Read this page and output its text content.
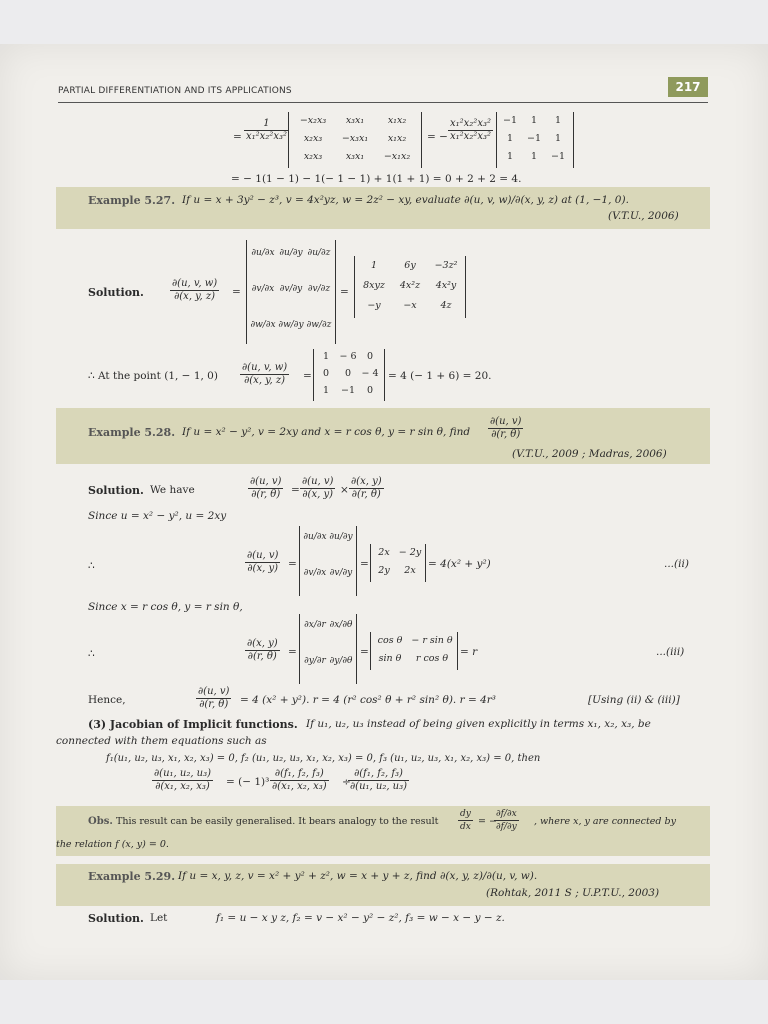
PARTIAL DIFFERENTIATION AND ITS APPLICATIONS	217
= $\frac{1}{\text{x₁²x₂²x₃²}}$	−x₂x₃	x₃x₁	x₁x₂
x₂x₃	−x₃x₁	x₁x₂
x₂x₃	x₃x₁	−x₁x₂
= − $\frac{\text{x₁²x₂²x₃²}}{\text{x₁²x₂²x₃²}}$	−1	1	1
1	−1	1
1	1	−1
= − 1(1 − 1) − 1(− 1 − 1) + 1(1 + 1) = 0 + 2 + 2 = 4.
Example 5.27. If u = x + 3y² − z³, v = 4x²yz, w = 2z² − xy, evaluate ∂(u, v, w)/∂(x, y, z) at (1, −1, 0).
(V.T.U., 2006)
Solution.	$\frac{\partial(u, v, w)}{\partial(x, y, z)}$ =
∂u/∂x ∂u/∂y ∂u/∂z
∂v/∂x ∂v/∂y ∂v/∂z
∂w/∂x ∂w/∂y ∂w/∂z
=
1	6y	−3z²
8xyz	4x²z	4x²y
−y	−x	4z
∴ At the point (1, − 1, $0) \frac{\partial(u, v, w)}{\partial(x, y, z)}$ =
1	− 6	0
0	0	− 4
1	−1	0
= 4 (− 1 + 6) = 20.
Example 5.28. If u = x² − y², v = 2xy and x = r cos θ, y = r sin θ, find $\frac{\partial(u, v)}{\partial(r, \theta)}$
(V.T.U., 2009 ; Madras, 2006)
Solution. We have	$\frac{\partial(u, v)}{\partial(r, \theta)} = \frac{\partial(u, v)}{\partial(x, y)} \times \frac{\partial(x, y)}{\partial(r, \theta)}$
Since u = x² − y², u = 2xy
∴	$\frac{\partial(u, v)}{\partial(x, y)}$ =
∂u/∂x ∂u/∂y
∂v/∂x ∂v/∂y
=
2x − 2y
2y	2x
= 4(x² + y²)	...(ii)
Since x = r cos θ, y = r sin θ,
∴	$\frac{\partial(x, y)}{\partial(r, \theta)}$ =
∂x/∂r ∂x/∂θ
∂y/∂r ∂y/∂θ
=
cos θ − r sin θ
sin θ	r cos θ
= r	...(iii)
Hence,	$\frac{\partial(u, v)}{\partial(r, \theta)} = 4$ (x² + y²). r = 4 (r² cos² θ + r² sin² θ). r = 4r³	[Using (ii) & (iii)]
(3) Jacobian of Implicit functions. If u₁, u₂, u₃ instead of being given explicitly in terms x₁, x₂, x₃, be
connected with them equations such as
f₁(u₁, u₂, u₃, x₁, x₂, x₃) = 0, f₂ (u₁, u₂, u₃, x₁, x₂, x₃) = 0, f₃ (u₁, u₂, u₃, x₁, x₂, x₃) = 0, then
$\frac{\text{∂(u₁, u₂, u₃)}}{\text{∂(x₁, x₂, x₃)}}$ = (− $1)^3 \frac{\text{∂(f₁, f₂, f₃)}}{\text{∂(x₁, x₂, x₃)}}$ ÷
$\frac{\text{∂(f₁, f₂, f₃)}}{\text{∂(u₁, u₂, u₃)}}$
Obs. This result can be easily generalised. It bears analogy to the result $\frac{dy}{dx}$ = −
$\frac{\partial f/\partial x}{\partial f/\partial y}$ , where x, y are connected by
the relation f (x, y) = 0.
Example 5.29. If u = x, y, z, v = x² + y² + z², w = x + y + z, find ∂(x, y, z)/∂(u, v, w).
(Rohtak, 2011 S ; U.P.T.U., 2003)
Solution. Let	f₁ = u − x y z, f₂ = v − x² − y² − z², f₃ = w − x − y − z.
